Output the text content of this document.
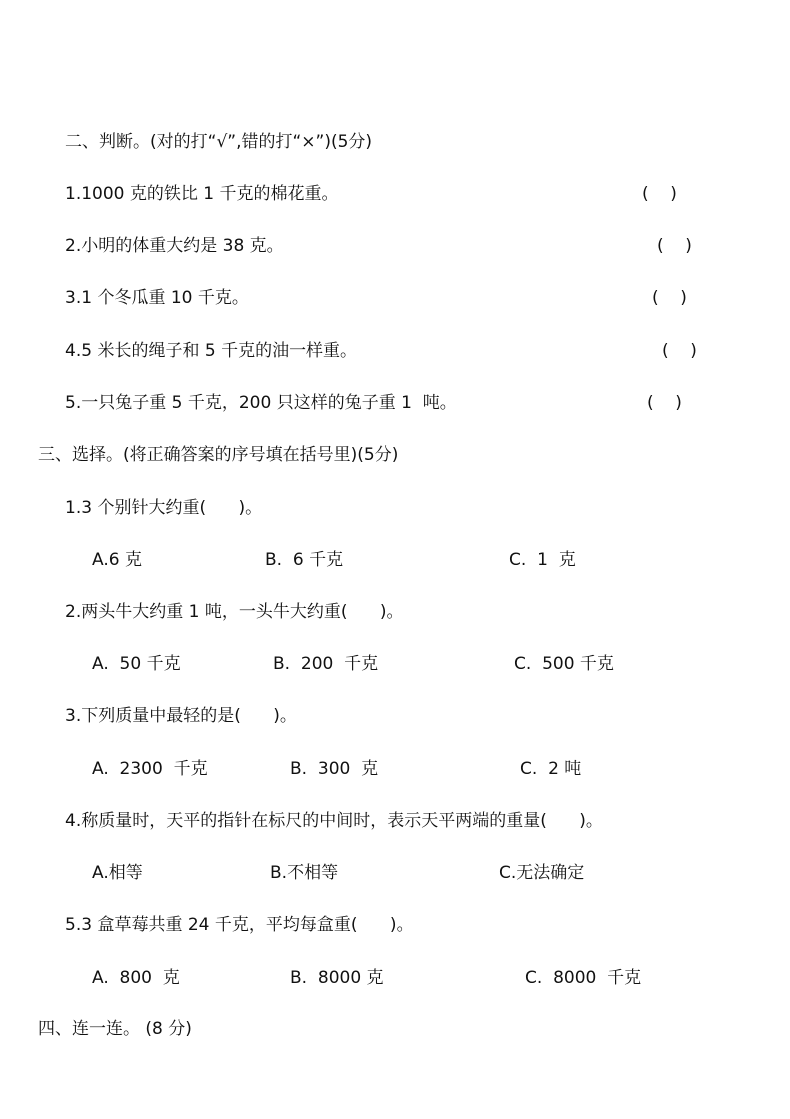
二、判断。(对的打“√”,错的打“×”)(5分)
1.1000 克的铁比 1 千克的棉花重。	(    )
2.小明的体重大约是 38 克。	(    )
3.1 个冬瓜重 10 千克。	(    )
4.5 米长的绳子和 5 千克的油一样重。	(    )
5.一只兔子重 5 千克，200 只这样的兔子重 1  吨。	(    )
三、选择。(将正确答案的序号填在括号里)(5分)
1.3 个别针大约重(      )。
A.6 克	B.  6 千克	C.  1  克
2.两头牛大约重 1 吨，一头牛大约重(      )。
A.  50 千克	B.  200  千克	C.  500 千克
3.下列质量中最轻的是(      )。
A.  2300  千克	B.  300  克	C.  2 吨
4.称质量时，天平的指针在标尺的中间时，表示天平两端的重量(      )。
A.相等	B.不相等	C.无法确定
5.3 盒草莓共重 24 千克，平均每盒重(      )。
A.  800  克	B.  8000 克	C.  8000  千克
四、连一连。 (8 分)
